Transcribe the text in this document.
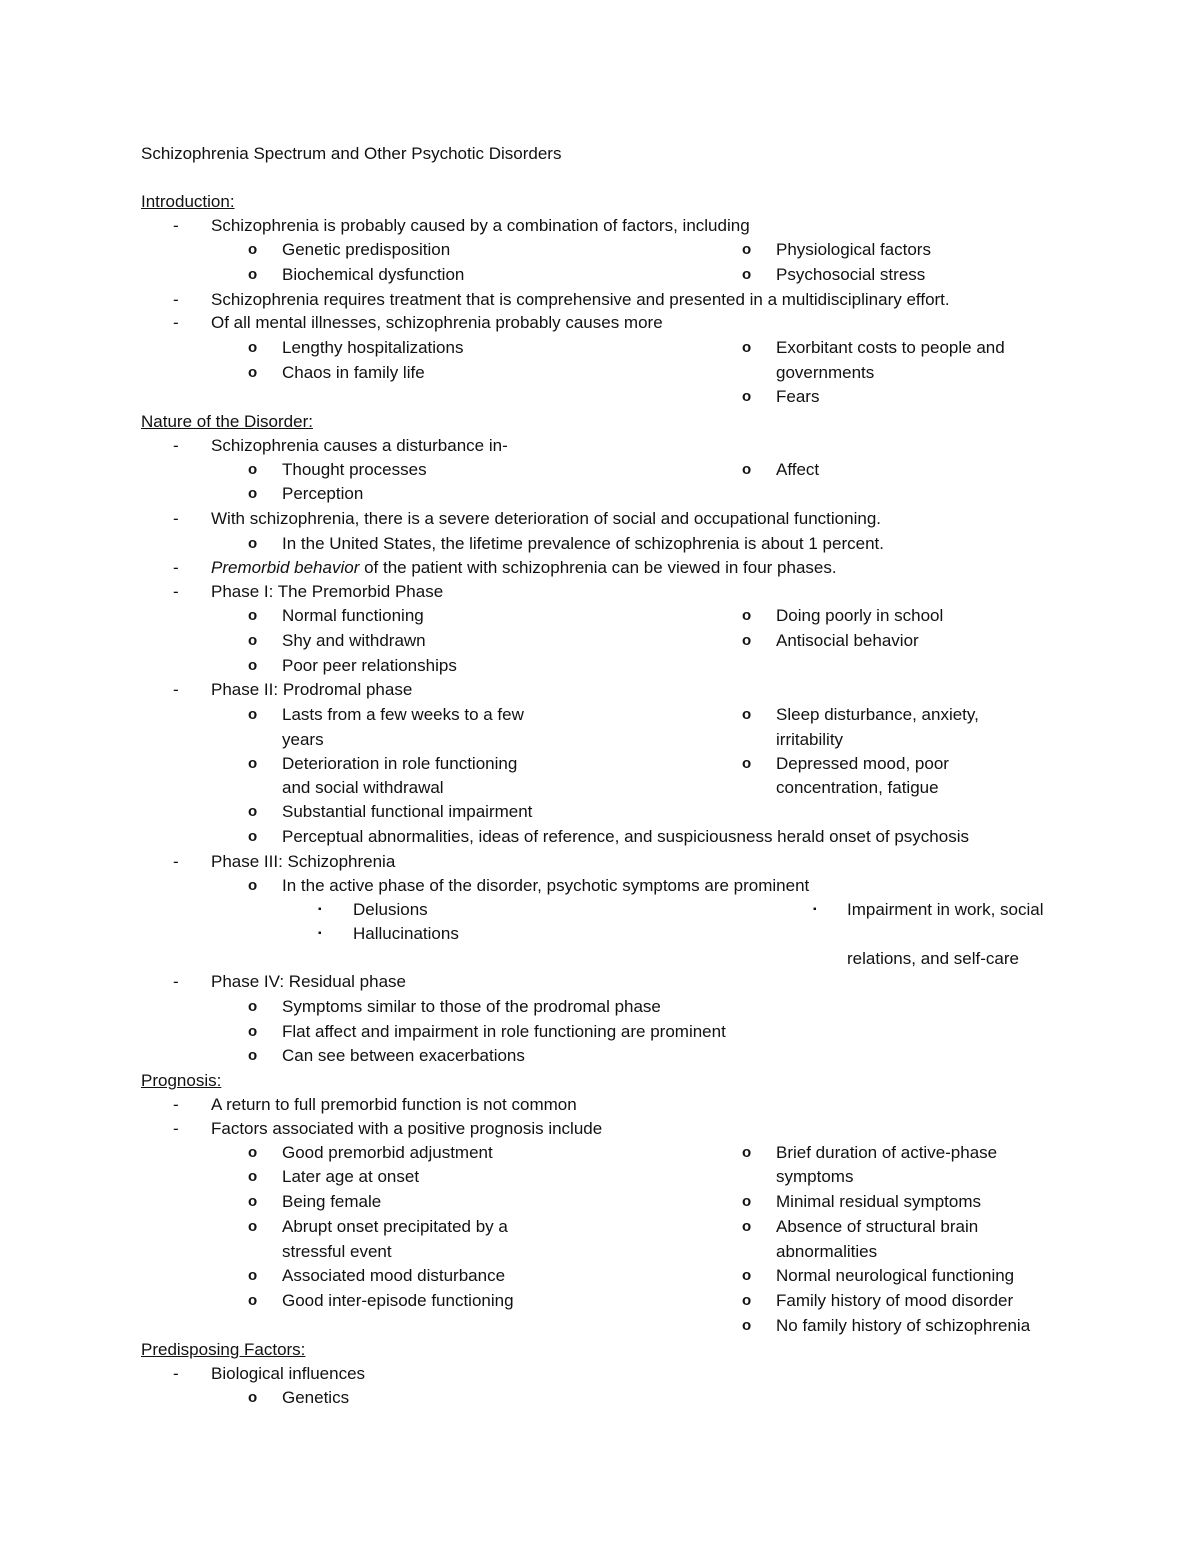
Schizophrenia Spectrum and Other Psychotic Disorders
Introduction:
- Schizophrenia is probably caused by a combination of factors, including
o Genetic predisposition	o Physiological factors
o Biochemical dysfunction	o Psychosocial stress
- Schizophrenia requires treatment that is comprehensive and presented in a multidisciplinary effort.
- Of all mental illnesses, schizophrenia probably causes more
o Lengthy hospitalizations	o Exorbitant costs to people and
o Chaos in family life	governments
o Fears
Nature of the Disorder:
- Schizophrenia causes a disturbance in-
o Thought processes	o Affect
o Perception
- With schizophrenia, there is a severe deterioration of social and occupational functioning.
o In the United States, the lifetime prevalence of schizophrenia is about 1 percent.
- Premorbid behavior of the patient with schizophrenia can be viewed in four phases.
- Phase I: The Premorbid Phase
o Normal functioning	o Doing poorly in school
o Shy and withdrawn	o Antisocial behavior
o Poor peer relationships
- Phase II: Prodromal phase
o Lasts from a few weeks to a few	o Sleep disturbance, anxiety,
years	irritability
o Deterioration in role functioning	o Depressed mood, poor
and social withdrawal	concentration, fatigue
o Substantial functional impairment
o Perceptual abnormalities, ideas of reference, and suspiciousness herald onset of psychosis
- Phase III: Schizophrenia
o In the active phase of the disorder, psychotic symptoms are prominent
▪ Delusions	▪ Impairment in work, social
▪ Hallucinations
relations, and self-care
- Phase IV: Residual phase
o Symptoms similar to those of the prodromal phase
o Flat affect and impairment in role functioning are prominent
o Can see between exacerbations
Prognosis:
- A return to full premorbid function is not common
- Factors associated with a positive prognosis include
o Good premorbid adjustment	o Brief duration of active-phase
o Later age at onset	symptoms
o Being female	o Minimal residual symptoms
o Abrupt onset precipitated by a	o Absence of structural brain
stressful event	abnormalities
o Associated mood disturbance	o Normal neurological functioning
o Good inter-episode functioning	o Family history of mood disorder
o No family history of schizophrenia
Predisposing Factors:
- Biological influences
o Genetics
